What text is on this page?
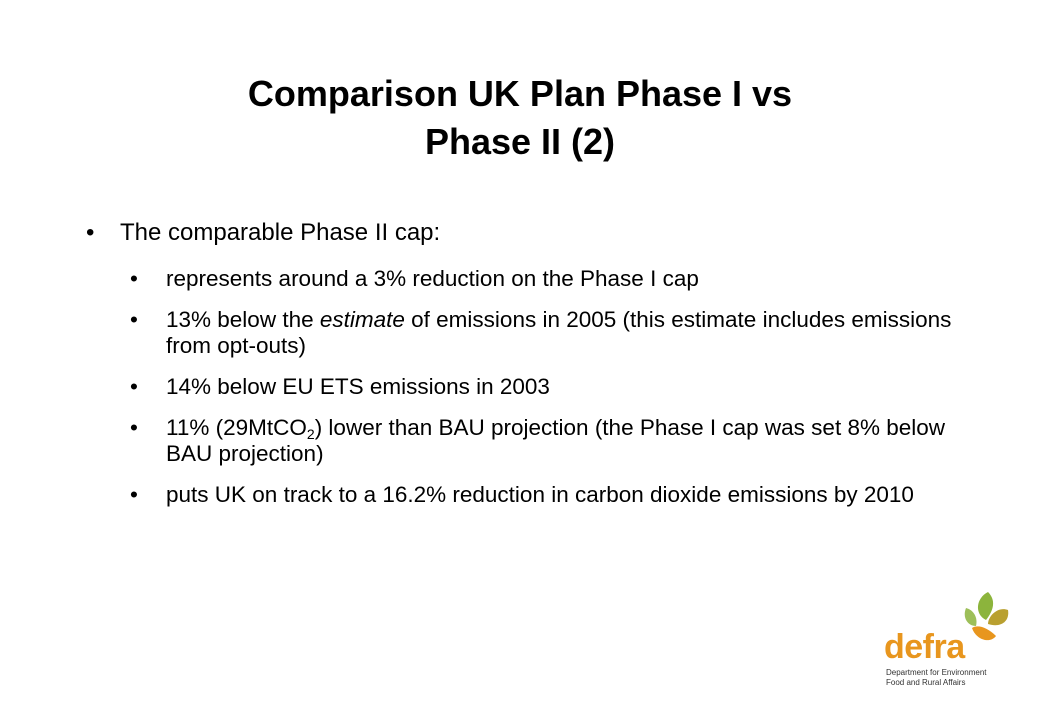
Comparison UK Plan Phase I vs
Phase II (2)
• The comparable Phase II cap:
• represents around a 3% reduction on the Phase I cap
• 13% below the estimate of emissions in 2005 (this estimate includes emissions from opt-outs)
• 14% below EU ETS emissions in 2003
• 11% (29MtCO$_2$) lower than BAU projection (the Phase I cap was set 8% below BAU projection)
• puts UK on track to a 16.2% reduction in carbon dioxide emissions by 2010
defra
Department for Environment
Food and Rural Affairs
